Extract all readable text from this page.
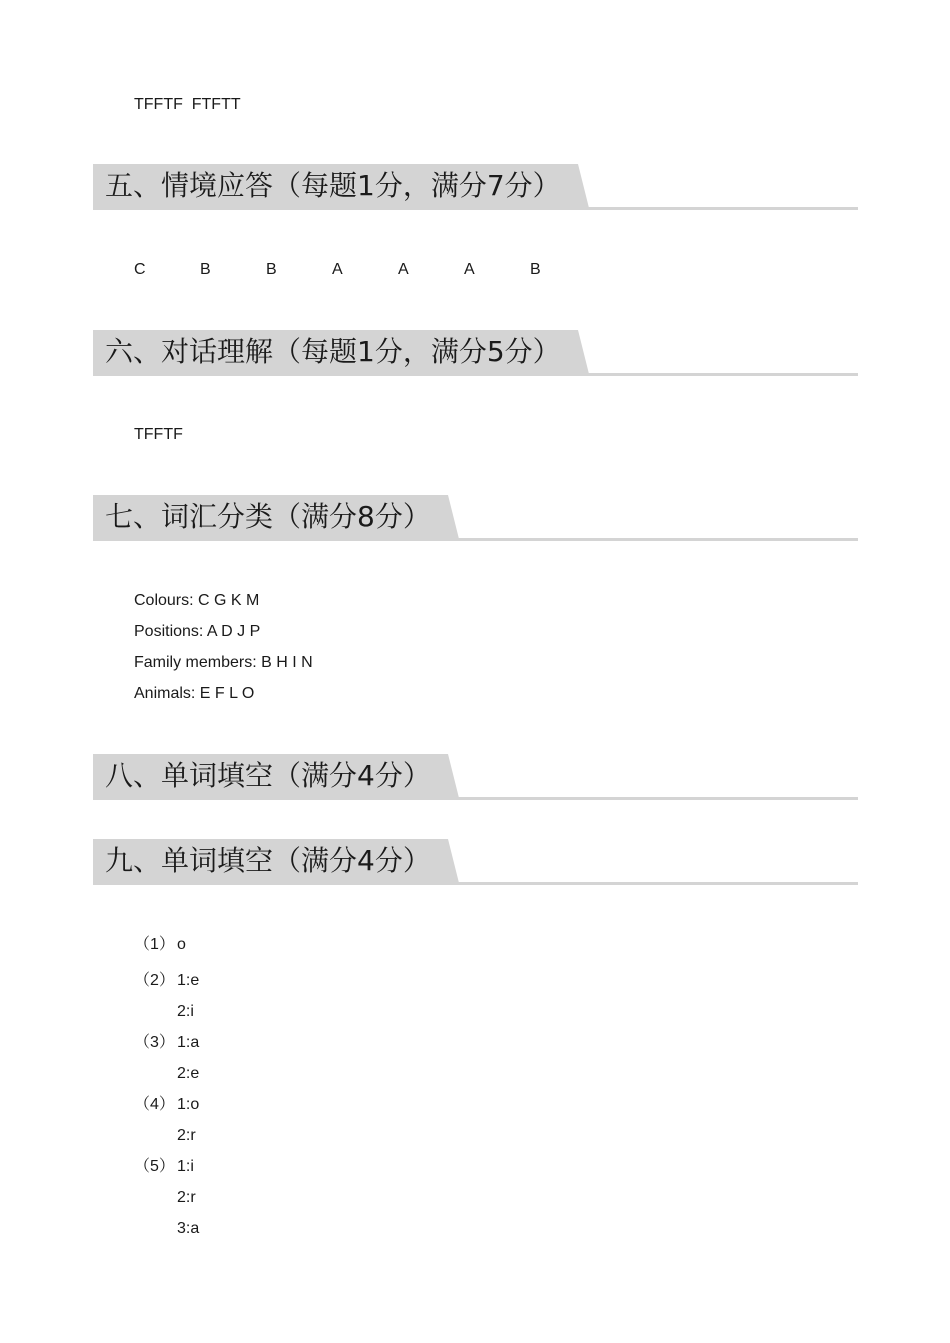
TFFTF  FTFTT
五、情境应答（每题1分，满分7分）
C	B	B	A	A	A	B
六、对话理解（每题1分，满分5分）
TFFTF
七、词汇分类（满分8分）
Colours: C G K M
Positions: A D J P
Family members: B H I N
Animals: E F L O
八、单词填空（满分4分）
九、单词填空（满分4分）
（1） o
（2） 1:e
2:i
（3） 1:a
2:e
（4） 1:o
2:r
（5） 1:i
2:r
3:a
